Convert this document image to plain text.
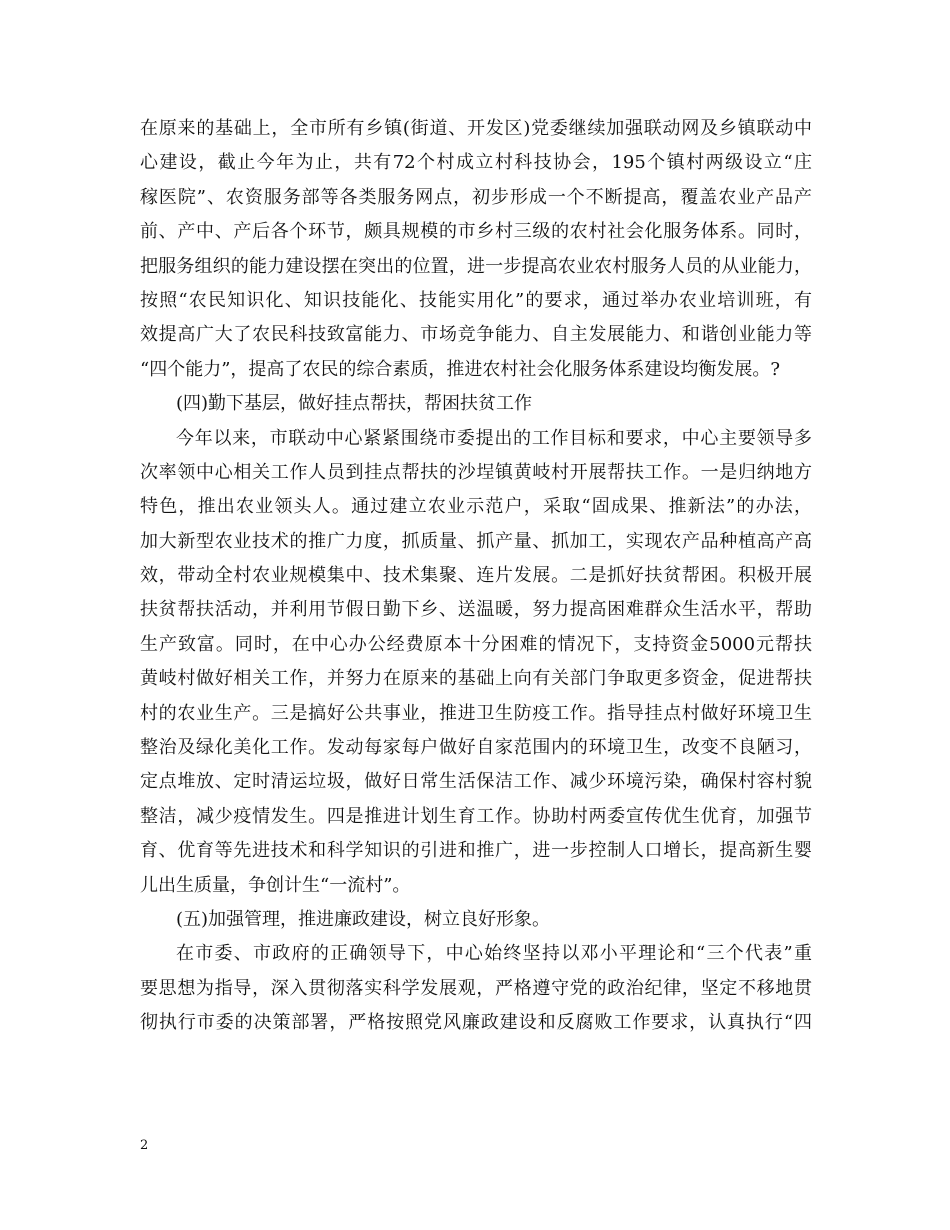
在原来的基础上，全市所有乡镇(街道、开发区)党委继续加强联动网及乡镇联动中
心建设，截止今年为止，共有72个村成立村科技协会，195个镇村两级设立“庄
稼医院”、农资服务部等各类服务网点，初步形成一个不断提高，覆盖农业产品产
前、产中、产后各个环节，颇具规模的市乡村三级的农村社会化服务体系。同时，
把服务组织的能力建设摆在突出的位置，进一步提高农业农村服务人员的从业能力，
按照“农民知识化、知识技能化、技能实用化”的要求，通过举办农业培训班，有
效提高广大了农民科技致富能力、市场竞争能力、自主发展能力、和谐创业能力等
“四个能力”，提高了农民的综合素质，推进农村社会化服务体系建设均衡发展。?
(四)勤下基层，做好挂点帮扶，帮困扶贫工作
今年以来，市联动中心紧紧围绕市委提出的工作目标和要求，中心主要领导多
次率领中心相关工作人员到挂点帮扶的沙埕镇黄岐村开展帮扶工作。一是归纳地方
特色，推出农业领头人。通过建立农业示范户，采取“固成果、推新法”的办法，
加大新型农业技术的推广力度，抓质量、抓产量、抓加工，实现农产品种植高产高
效，带动全村农业规模集中、技术集聚、连片发展。二是抓好扶贫帮困。积极开展
扶贫帮扶活动，并利用节假日勤下乡、送温暖，努力提高困难群众生活水平，帮助
生产致富。同时，在中心办公经费原本十分困难的情况下，支持资金5000元帮扶
黄岐村做好相关工作，并努力在原来的基础上向有关部门争取更多资金，促进帮扶
村的农业生产。三是搞好公共事业，推进卫生防疫工作。指导挂点村做好环境卫生
整治及绿化美化工作。发动每家每户做好自家范围内的环境卫生，改变不良陋习，
定点堆放、定时清运垃圾，做好日常生活保洁工作、减少环境污染，确保村容村貌
整洁，减少疫情发生。四是推进计划生育工作。协助村两委宣传优生优育，加强节
育、优育等先进技术和科学知识的引进和推广，进一步控制人口增长，提高新生婴
儿出生质量，争创计生“一流村”。
(五)加强管理，推进廉政建设，树立良好形象。
在市委、市政府的正确领导下，中心始终坚持以邓小平理论和“三个代表”重
要思想为指导，深入贯彻落实科学发展观，严格遵守党的政治纪律，坚定不移地贯
彻执行市委的决策部署，严格按照党风廉政建设和反腐败工作要求，认真执行“四
2
